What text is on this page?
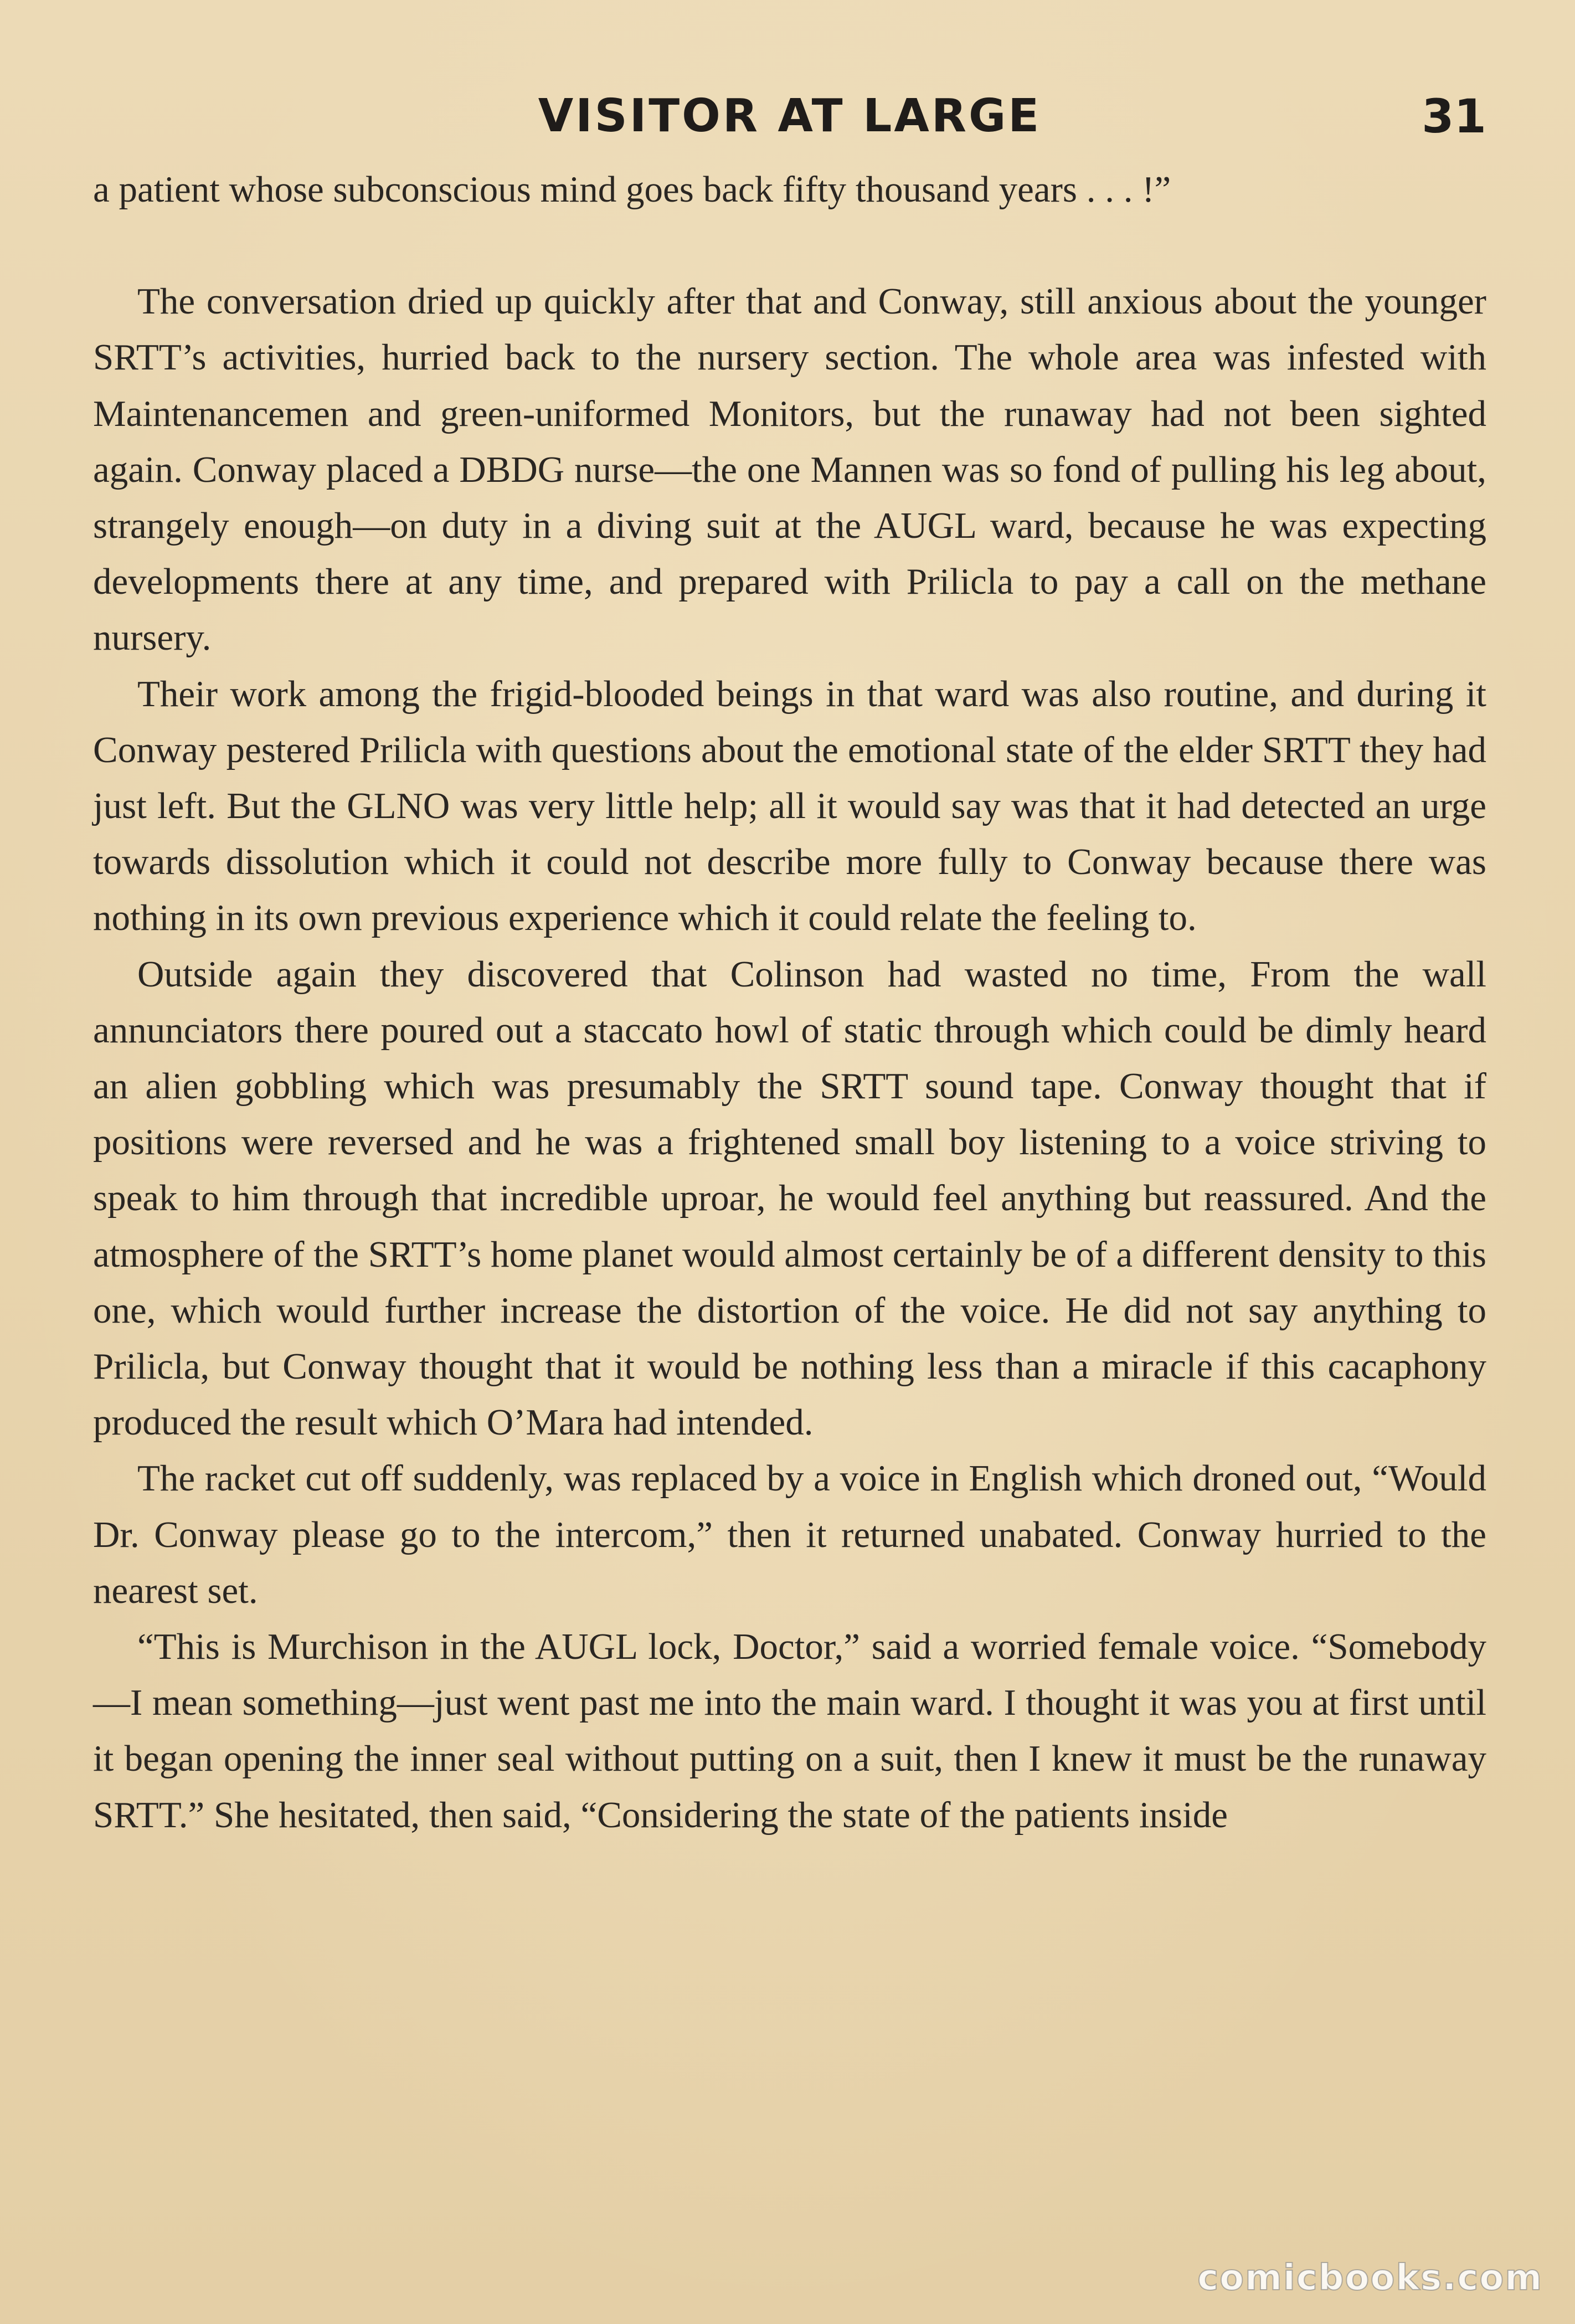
VISITOR AT LARGE	31

a patient whose subconscious mind goes back fifty thousand years . . . !”

The conversation dried up quickly after that and Conway, still anxious about the younger SRTT’s activities, hurried back to the nursery section. The whole area was infested with Maintenancemen and green-uniformed Monitors, but the runaway had not been sighted again. Conway placed a DBDG nurse—the one Mannen was so fond of pulling his leg about, strangely enough—on duty in a diving suit at the AUGL ward, because he was expecting developments there at any time, and prepared with Prilicla to pay a call on the methane nursery.

Their work among the frigid-blooded beings in that ward was also routine, and during it Conway pestered Prilicla with questions about the emotional state of the elder SRTT they had just left. But the GLNO was very little help; all it would say was that it had detected an urge towards dissolution which it could not describe more fully to Conway because there was nothing in its own previous experience which it could relate the feeling to.

Outside again they discovered that Colinson had wasted no time, From the wall annunciators there poured out a staccato howl of static through which could be dimly heard an alien gobbling which was presumably the SRTT sound tape. Conway thought that if positions were reversed and he was a frightened small boy listening to a voice striving to speak to him through that incredible uproar, he would feel anything but reassured. And the atmosphere of the SRTT’s home planet would almost certainly be of a different density to this one, which would further increase the distortion of the voice. He did not say anything to Prilicla, but Conway thought that it would be nothing less than a miracle if this cacaphony produced the result which O’Mara had intended.

The racket cut off suddenly, was replaced by a voice in English which droned out, “Would Dr. Conway please go to the intercom,” then it returned unabated. Conway hurried to the nearest set.

“This is Murchison in the AUGL lock, Doctor,” said a worried female voice. “Somebody—I mean something—just went past me into the main ward. I thought it was you at first until it began opening the inner seal without putting on a suit, then I knew it must be the runaway SRTT.” She hesitated, then said, “Considering the state of the patients inside

comicbooks.com
